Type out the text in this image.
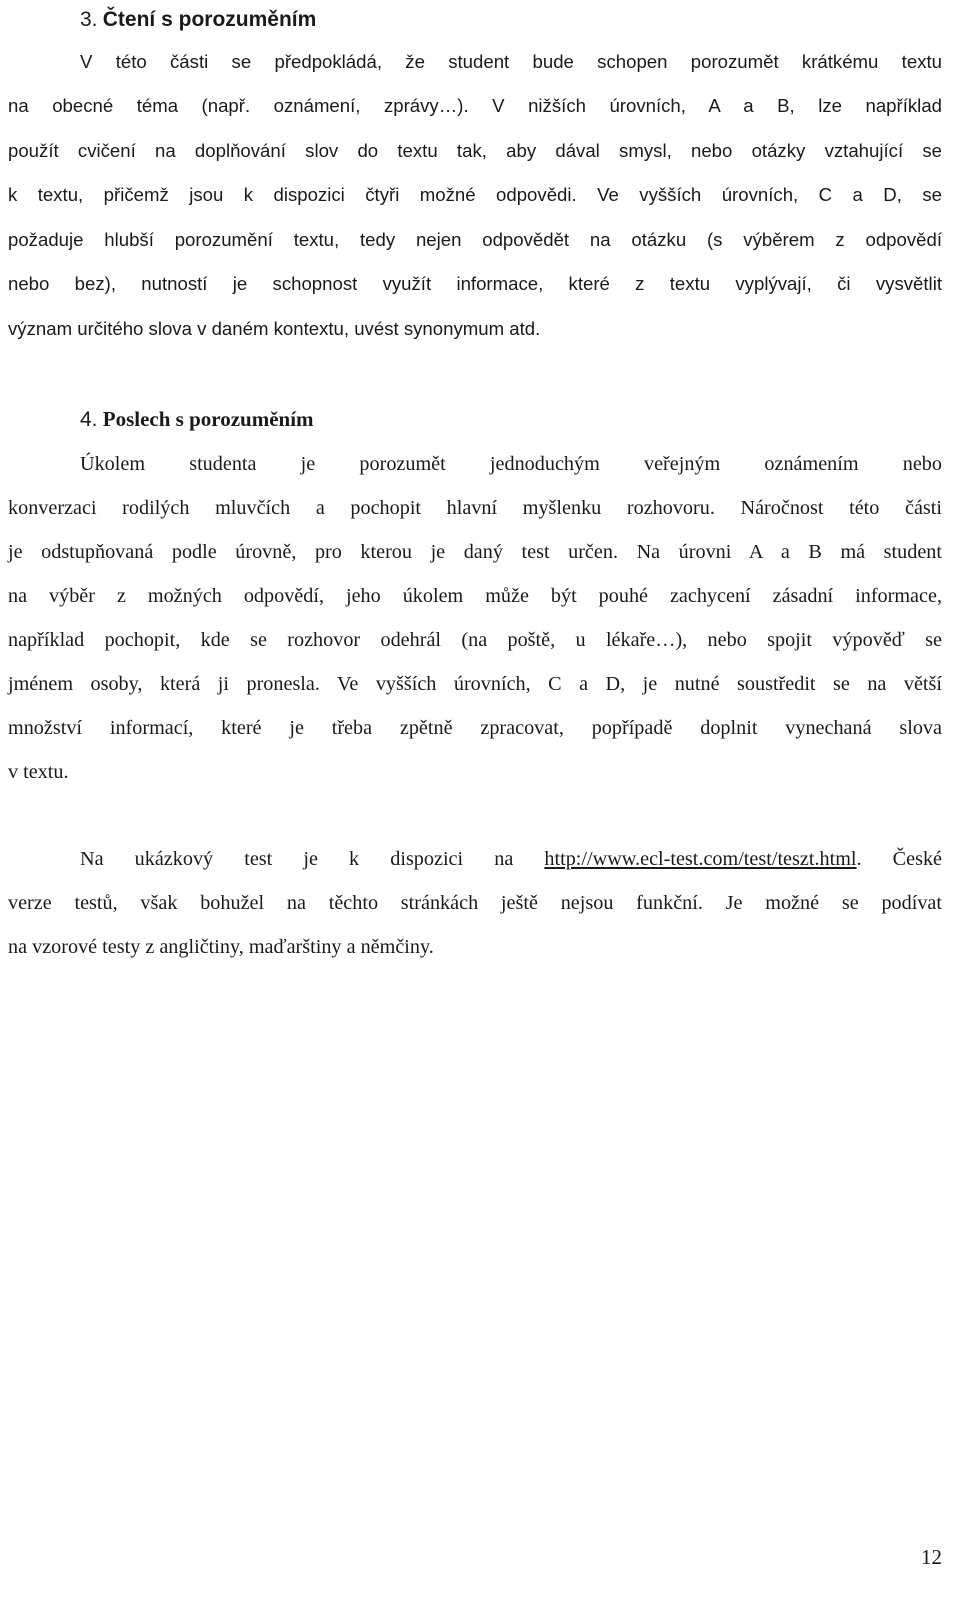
3. Čtení s porozuměním
V této části se předpokládá, že student bude schopen porozumět krátkému textu
na obecné téma (např. oznámení, zprávy…). V nižších úrovních, A a B, lze například
použít cvičení na doplňování slov do textu tak, aby dával smysl, nebo otázky vztahující se
k textu, přičemž jsou k dispozici čtyři možné odpovědi. Ve vyšších úrovních, C a D, se
požaduje hlubší porozumění textu, tedy nejen odpovědět na otázku (s výběrem z odpovědí
nebo bez), nutností je schopnost využít informace, které z textu vyplývají, či vysvětlit
význam určitého slova v daném kontextu, uvést synonymum atd.
4. Poslech s porozuměním
Úkolem studenta je porozumět jednoduchým veřejným oznámením nebo
konverzaci rodilých mluvčích a pochopit hlavní myšlenku rozhovoru. Náročnost této části
je odstupňovaná podle úrovně, pro kterou je daný test určen. Na úrovni A a B má student
na výběr z možných odpovědí, jeho úkolem může být pouhé zachycení zásadní informace,
například pochopit, kde se rozhovor odehrál (na poště, u lékaře…), nebo spojit výpověď se
jménem osoby, která ji pronesla. Ve vyšších úrovních, C a D, je nutné soustředit se na větší
množství informací, které je třeba zpětně zpracovat, popřípadě doplnit vynechaná slova
v textu.
Na ukázkový test je k dispozici na http://www.ecl-test.com/test/teszt.html. České
verze testů, však bohužel na těchto stránkách ještě nejsou funkční. Je možné se podívat
na vzorové testy z angličtiny, maďarštiny a němčiny.
12
